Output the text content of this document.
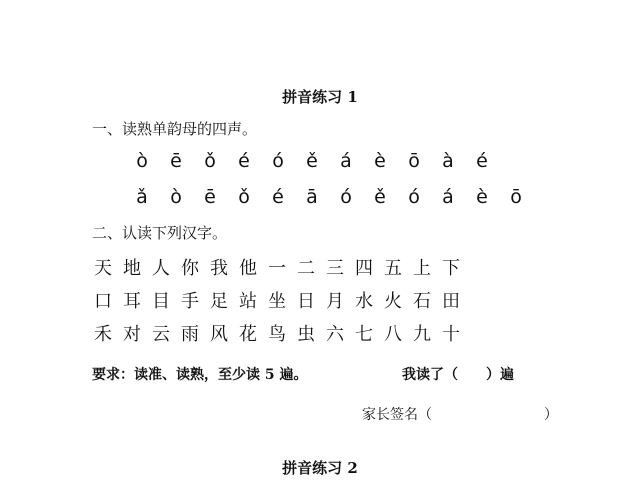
拼音练习 1
一、读熟单韵母的四声。
ò	ē	ǒ	é	ó	ě	á	è	ō	à	é
ǎ	ò	ē	ǒ	é	ā	ó	ě	ó	á	è	ō
二、认读下列汉字。
天 地 人 你 我 他 一 二 三 四 五 上 下
口 耳 目 手 足 站 坐 日 月 水 火 石 田
禾 对 云 雨 风 花 鸟 虫 六 七 八 九 十
要求：读准、读熟，至少读 5 遍。	我读了（　　）遍
家长签名（　　　　　　　　）
拼音练习 2
